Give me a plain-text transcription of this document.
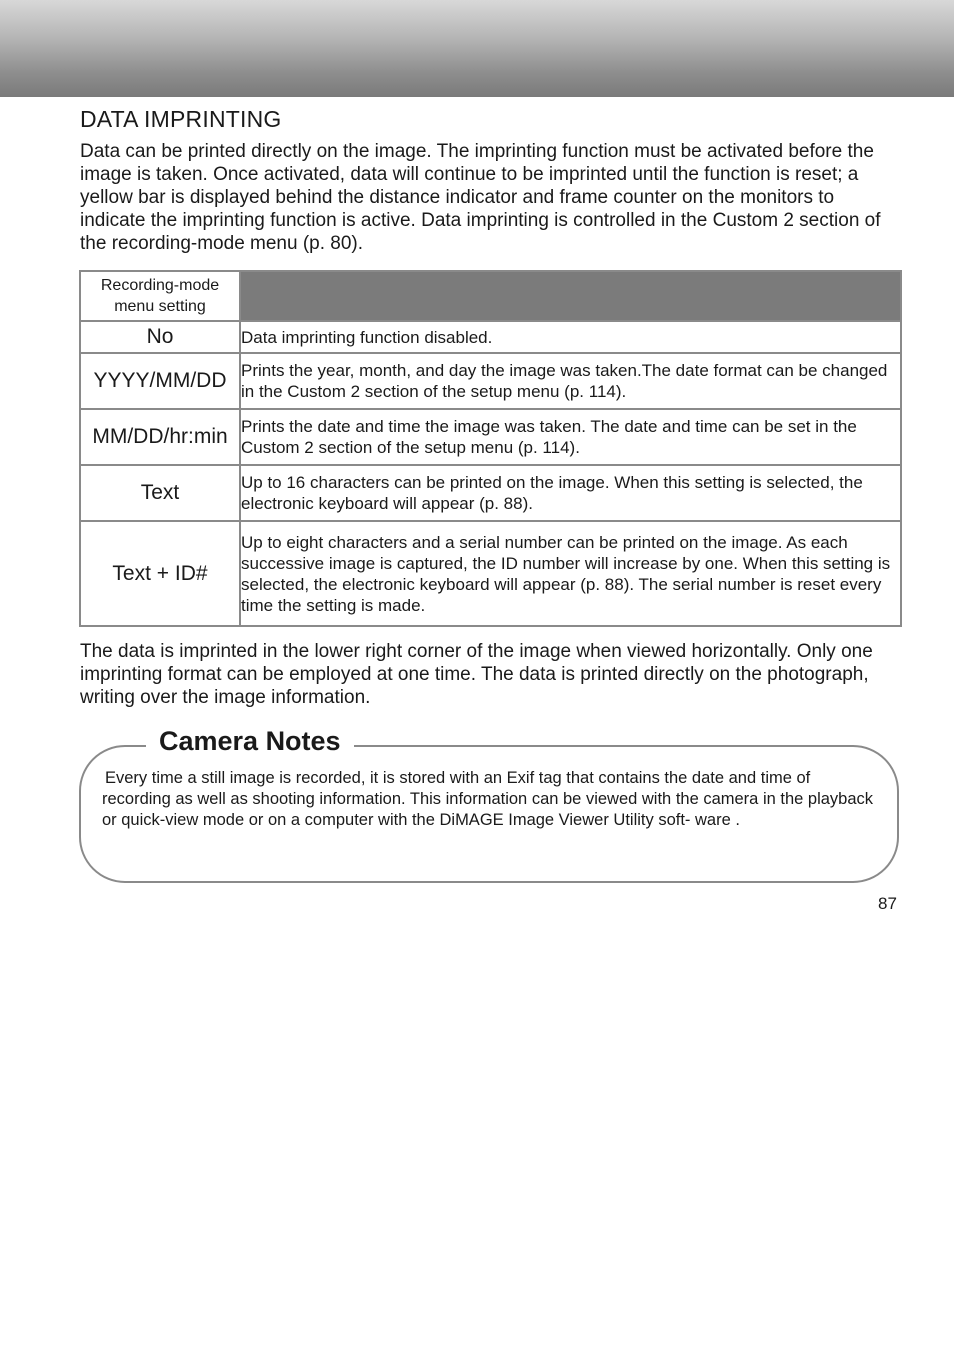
DATA IMPRINTING

Data can be printed directly on the image. The imprinting function must be activated before the image is taken. Once activated, data will continue to be imprinted until the function is reset; a yellow bar is displayed behind the distance indicator and frame counter on the monitors to indicate the imprinting function is active. Data imprinting is controlled in the Custom 2 section of the recording-mode menu (p. 80).

Recording-mode menu setting	
No	Data imprinting function disabled.
YYYY/MM/DD	Prints the year, month, and day the image was taken.The date format can be changed in the Custom 2 section of the setup menu (p. 114).
MM/DD/hr:min	Prints the date and time the image was taken. The date and time can be set in the Custom 2 section of the setup menu (p. 114).
Text	Up to 16 characters can be printed on the image. When this setting is selected, the electronic keyboard will appear (p. 88).
Text + ID#	Up to eight characters and a serial number can be printed on the image. As each successive image is captured, the ID number will increase by one. When this setting is selected, the electronic keyboard will appear (p. 88). The serial number is reset every time the setting is made.

The data is imprinted in the lower right corner of the image when viewed horizontally. Only one imprinting format can be employed at one time. The data is printed directly on the photograph, writing over the image information.

Camera Notes

Every time a still image is recorded, it is stored with an Exif tag that contains the date and time of recording as well as shooting information. This information can be viewed with the camera in the playback or quick-view mode or on a computer with the DiMAGE Image Viewer Utility soft- ware .

87
